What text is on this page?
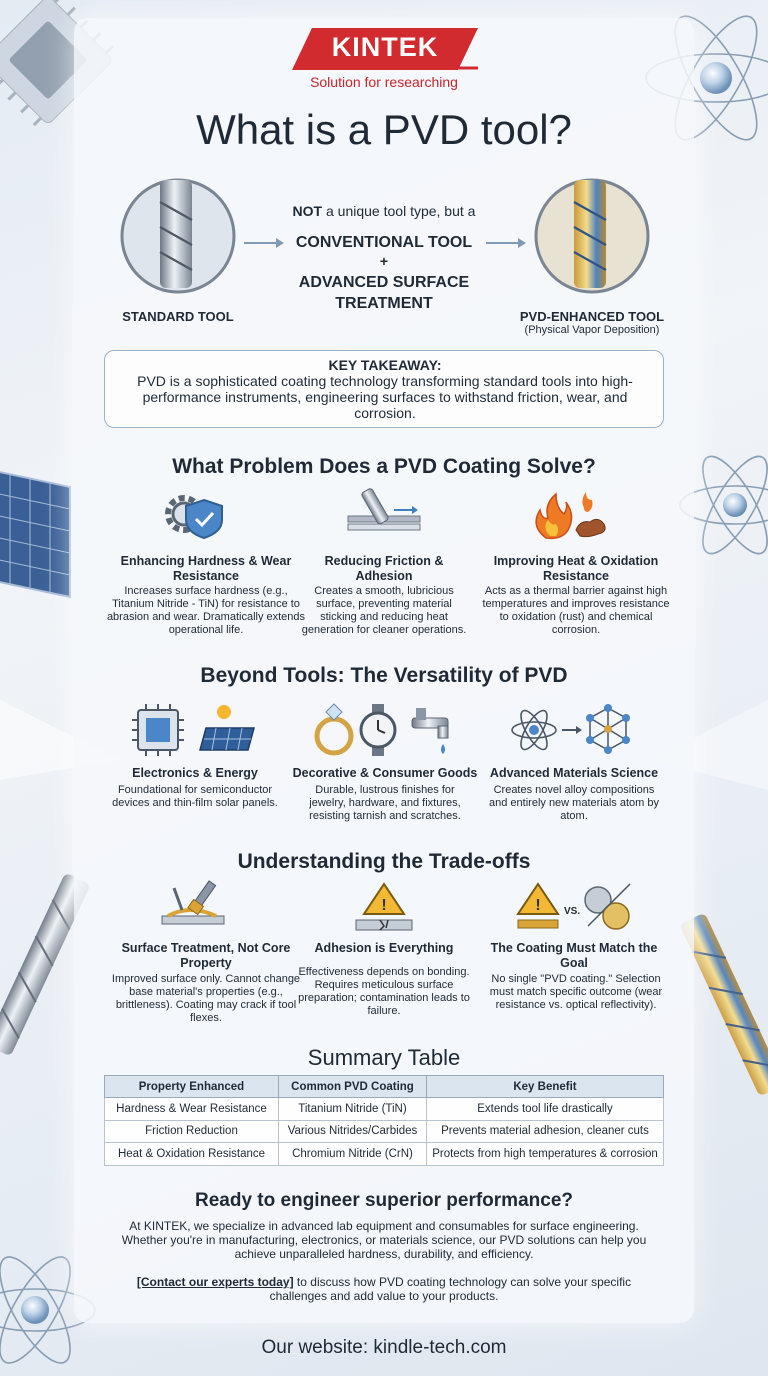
KINTEK
Solution for researching
What is a PVD tool?
STANDARD TOOL
NOT a unique tool type, but a
CONVENTIONAL TOOL
+
ADVANCED SURFACE
TREATMENT
PVD-ENHANCED TOOL
(Physical Vapor Deposition)
KEY TAKEAWAY:
PVD is a sophisticated coating technology transforming standard tools into high-performance instruments, engineering surfaces to withstand friction, wear, and corrosion.
What Problem Does a PVD Coating Solve?
Enhancing Hardness & Wear Resistance
Increases surface hardness (e.g., Titanium Nitride - TiN) for resistance to abrasion and wear. Dramatically extends operational life.
Reducing Friction & Adhesion
Creates a smooth, lubricious surface, preventing material sticking and reducing heat generation for cleaner operations.
Improving Heat & Oxidation Resistance
Acts as a thermal barrier against high temperatures and improves resistance to oxidation (rust) and chemical corrosion.
Beyond Tools: The Versatility of PVD
Electronics & Energy
Foundational for semiconductor devices and thin-film solar panels.
Decorative & Consumer Goods
Durable, lustrous finishes for jewelry, hardware, and fixtures, resisting tarnish and scratches.
Advanced Materials Science
Creates novel alloy compositions and entirely new materials atom by atom.
Understanding the Trade-offs
!	! VS.
Surface Treatment, Not Core Property
Improved surface only. Cannot change base material's properties (e.g., brittleness). Coating may crack if tool flexes.
Adhesion is Everything
Effectiveness depends on bonding. Requires meticulous surface preparation; contamination leads to failure.
The Coating Must Match the Goal
No single "PVD coating." Selection must match specific outcome (wear resistance vs. optical reflectivity).
Summary Table
Property Enhanced	Common PVD Coating	Key Benefit
Hardness & Wear Resistance	Titanium Nitride (TiN)	Extends tool life drastically
Friction Reduction	Various Nitrides/Carbides	Prevents material adhesion, cleaner cuts
Heat & Oxidation Resistance	Chromium Nitride (CrN)	Protects from high temperatures & corrosion
Ready to engineer superior performance?
At KINTEK, we specialize in advanced lab equipment and consumables for surface engineering. Whether you're in manufacturing, electronics, or materials science, our PVD solutions can help you achieve unparalleled hardness, durability, and efficiency.
[Contact our experts today] to discuss how PVD coating technology can solve your specific challenges and add value to your products.
Our website: kindle-tech.com
